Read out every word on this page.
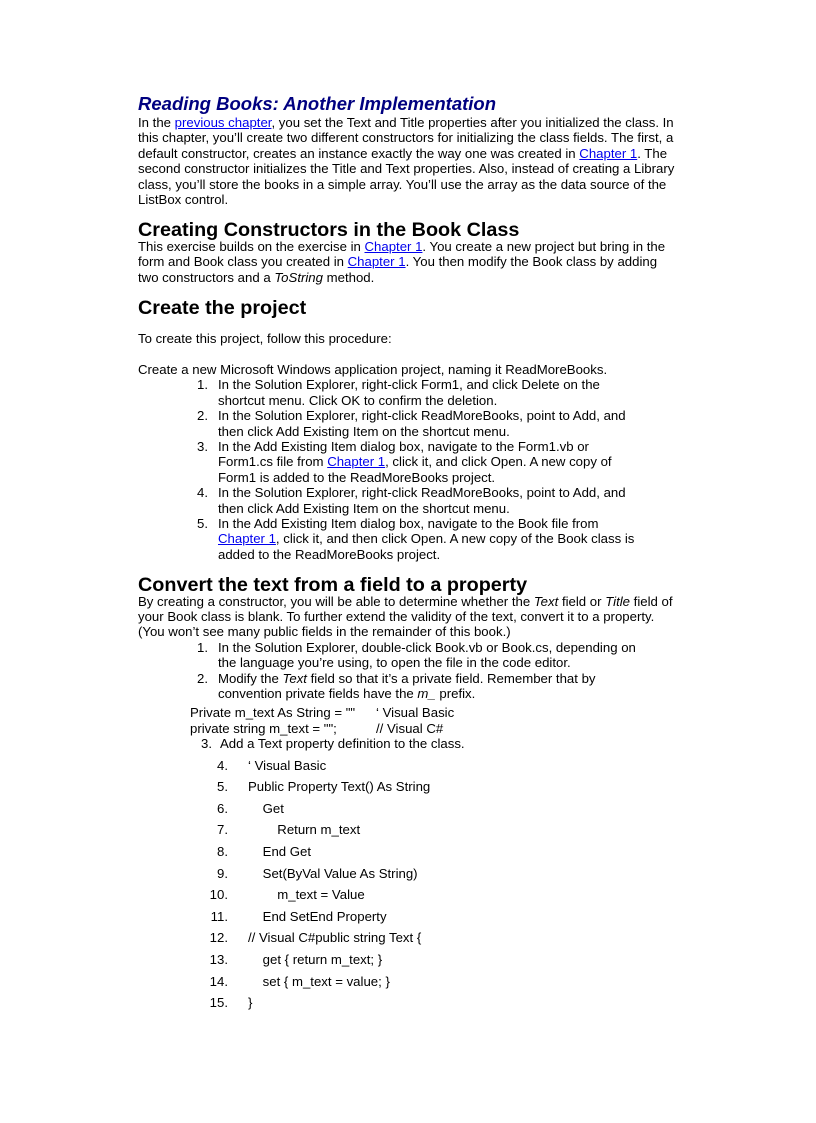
Reading Books: Another Implementation

In the previous chapter, you set the Text and Title properties after you initialized the class. In this chapter, you’ll create two different constructors for initializing the class fields. The first, a default constructor, creates an instance exactly the way one was created in Chapter 1. The second constructor initializes the Title and Text properties. Also, instead of creating a Library class, you’ll store the books in a simple array. You’ll use the array as the data source of the ListBox control.

Creating Constructors in the Book Class

This exercise builds on the exercise in Chapter 1. You create a new project but bring in the form and Book class you created in Chapter 1. You then modify the Book class by adding two constructors and a ToString method.

Create the project

To create this project, follow this procedure:

Create a new Microsoft Windows application project, naming it ReadMoreBooks.

1. In the Solution Explorer, right-click Form1, and click Delete on the shortcut menu. Click OK to confirm the deletion.
2. In the Solution Explorer, right-click ReadMoreBooks, point to Add, and then click Add Existing Item on the shortcut menu.
3. In the Add Existing Item dialog box, navigate to the Form1.vb or Form1.cs file from Chapter 1, click it, and click Open. A new copy of Form1 is added to the ReadMoreBooks project.
4. In the Solution Explorer, right-click ReadMoreBooks, point to Add, and then click Add Existing Item on the shortcut menu.
5. In the Add Existing Item dialog box, navigate to the Book file from Chapter 1, click it, and then click Open. A new copy of the Book class is added to the ReadMoreBooks project.
Convert the text from a field to a property

By creating a constructor, you will be able to determine whether the Text field or Title field of your Book class is blank. To further extend the validity of the text, convert it to a property. (You won’t see many public fields in the remainder of this book.)

1. In the Solution Explorer, double-click Book.vb or Book.cs, depending on the language you’re using, to open the file in the code editor.
2. Modify the Text field so that it’s a private field. Remember that by convention private fields have the m_ prefix.
Private m_text As String = ""	‘ Visual Basic
private string m_text = "";	// Visual C#
3. Add a Text property definition to the class.
4.	‘ Visual Basic
5.	Public Property Text() As String
6.	Get
7.	Return m_text
8.	End Get
9.	Set(ByVal Value As String)
10.	m_text = Value
11.	End SetEnd Property
12.	// Visual C#public string Text {
13.	get { return m_text; }
14.	set { m_text = value; }
15.	}
